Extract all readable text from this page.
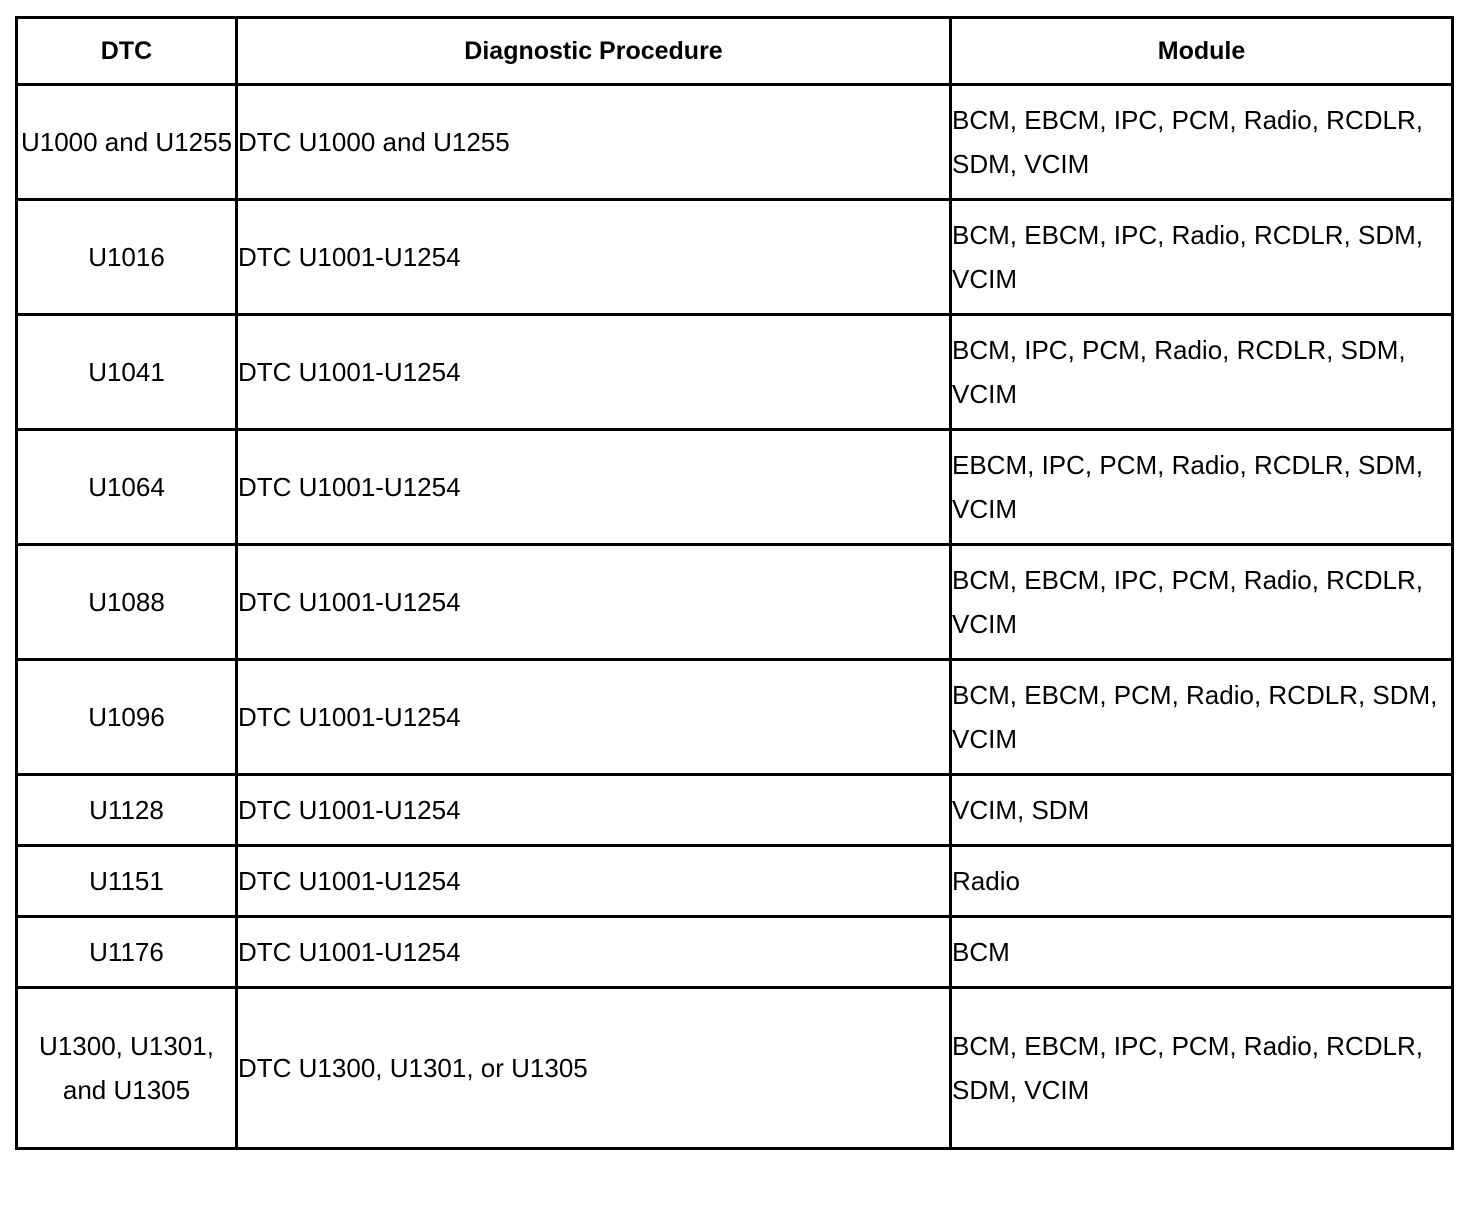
DTC	Diagnostic Procedure	Module
U1000 and U1255	DTC U1000 and U1255	BCM, EBCM, IPC, PCM, Radio, RCDLR, SDM, VCIM
U1016	DTC U1001-U1254	BCM, EBCM, IPC, Radio, RCDLR, SDM, VCIM
U1041	DTC U1001-U1254	BCM, IPC, PCM, Radio, RCDLR, SDM, VCIM
U1064	DTC U1001-U1254	EBCM, IPC, PCM, Radio, RCDLR, SDM, VCIM
U1088	DTC U1001-U1254	BCM, EBCM, IPC, PCM, Radio, RCDLR, VCIM
U1096	DTC U1001-U1254	BCM, EBCM, PCM, Radio, RCDLR, SDM, VCIM
U1128	DTC U1001-U1254	VCIM, SDM
U1151	DTC U1001-U1254	Radio
U1176	DTC U1001-U1254	BCM
U1300, U1301, and U1305	DTC U1300, U1301, or U1305	BCM, EBCM, IPC, PCM, Radio, RCDLR, SDM, VCIM
